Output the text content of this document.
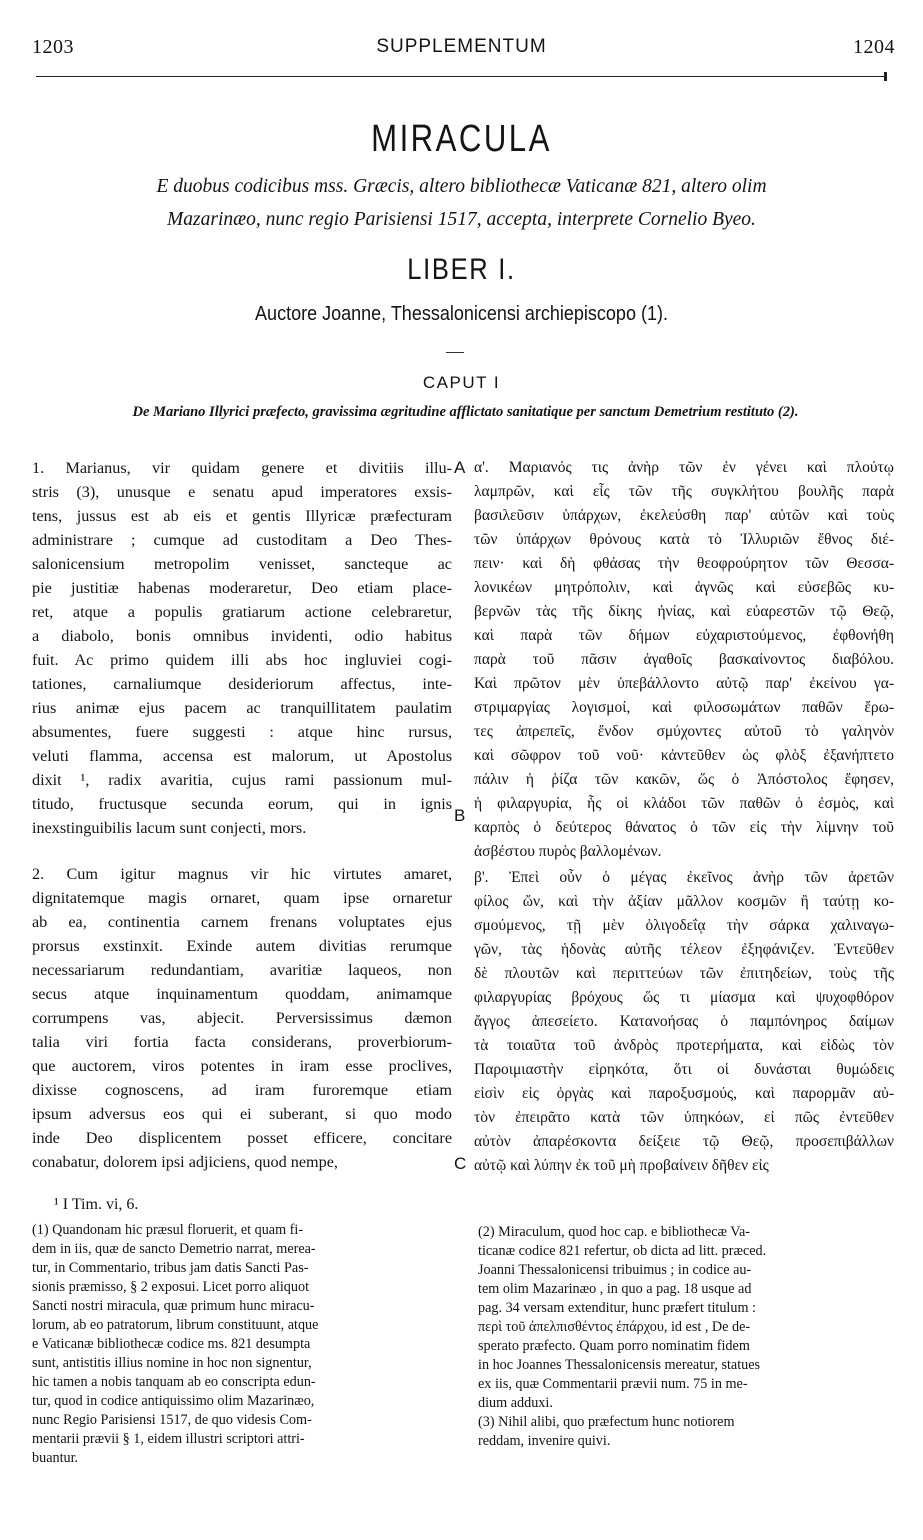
1203	SUPPLEMENTUM	1204
MIRACULA
E duobus codicibus mss. Græcis, altero bibliothecæ Vaticanæ 821, altero olim
Mazarinæo, nunc regio Parisiensi 1517, accepta, interprete Cornelio Byeo.
LIBER I.
Auctore Joanne, Thessalonicensi archiepiscopo (1).
CAPUT I
De Mariano Illyrici præfecto, gravissima ægritudine afflictato sanitatique per sanctum Demetrium restituto (2).
1. Marianus, vir quidam genere et divitiis illu-
stris (3), unusque e senatu apud imperatores exsis-
tens, jussus est ab eis et gentis Illyricæ præfecturam
administrare ; cumque ad custoditam a Deo Thes-
salonicensium metropolim venisset, sancteque ac
pie justitiæ habenas moderaretur, Deo etiam place-
ret, atque a populis gratiarum actione celebraretur,
a diabolo, bonis omnibus invidenti, odio habitus
fuit. Ac primo quidem illi abs hoc ingluviei cogi-
tationes, carnaliumque desideriorum affectus, inte-
rius animæ ejus pacem ac tranquillitatem paulatim
absumentes, fuere suggesti : atque hinc rursus,
veluti flamma, accensa est malorum, ut Apostolus
dixit ¹, radix avaritia, cujus rami passionum mul-
titudo, fructusque secunda eorum, qui in ignis
inexstinguibilis lacum sunt conjecti, mors.
2. Cum igitur magnus vir hic virtutes amaret,
dignitatemque magis ornaret, quam ipse ornaretur
ab ea, continentia carnem frenans voluptates ejus
prorsus exstinxit. Exinde autem divitias rerumque
necessariarum redundantiam, avaritiæ laqueos, non
secus atque inquinamentum quoddam, animamque
corrumpens vas, abjecit. Perversissimus dæmon
talia viri fortia facta considerans, proverbiorum-
que auctorem, viros potentes in iram esse proclives,
dixisse cognoscens, ad iram furoremque etiam
ipsum adversus eos qui ei suberant, si quo modo
inde Deo displicentem posset efficere, concitare
conabatur, dolorem ipsi adjiciens, quod nempe,
α'. Μαριανός τις ἀνὴρ τῶν ἐν γένει καὶ πλούτῳ
λαμπρῶν, καὶ εἷς τῶν τῆς συγκλήτου βουλῆς παρὰ
βασιλεῦσιν ὑπάρχων, ἐκελεύσθη παρ' αὐτῶν καὶ τοὺς
τῶν ὑπάρχων θρόνους κατὰ τὸ Ἰλλυριῶν ἔθνος διέ-
πειν· καὶ δὴ φθάσας τὴν θεοφρούρητον τῶν Θεσσα-
λονικέων μητρόπολιν, καὶ ἁγνῶς καὶ εὐσεβῶς κυ-
βερνῶν τὰς τῆς δίκης ἡνίας, καὶ εὐαρεστῶν τῷ Θεῷ,
καὶ παρὰ τῶν δήμων εὐχαριστούμενος, ἐφθονήθη
παρὰ τοῦ πᾶσιν ἀγαθοῖς βασκαίνοντος διαβόλου.
Καὶ πρῶτον μὲν ὑπεβάλλοντο αὐτῷ παρ' ἐκείνου γα-
στριμαργίας λογισμοί, καὶ φιλοσωμάτων παθῶν ἔρω-
τες ἀπρεπεῖς, ἔνδον σμύχοντες αὐτοῦ τὸ γαληνὸν
καὶ σῶφρον τοῦ νοῦ· κἀντεῦθεν ὡς φλὸξ ἐξανήπτετο
πάλιν ἡ ῥίζα τῶν κακῶν, ὥς ὁ Ἀπόστολος ἔφησεν,
ἡ φιλαργυρία, ἧς οἱ κλάδοι τῶν παθῶν ὁ ἐσμὸς, καὶ
καρπὸς ὁ δεύτερος θάνατος ὁ τῶν εἰς τὴν λίμνην τοῦ
ἀσβέστου πυρὸς βαλλομένων.
β'. Ἐπεὶ οὖν ὁ μέγας ἐκεῖνος ἀνὴρ τῶν ἀρετῶν
φίλος ὤν, καὶ τὴν ἀξίαν μᾶλλον κοσμῶν ἢ ταύτῃ κο-
σμούμενος, τῇ μὲν ὀλιγοδεΐᾳ τὴν σάρκα χαλιναγω-
γῶν, τὰς ἡδονὰς αὐτῆς τέλεον ἐξηφάνιζεν. Ἐντεῦθεν
δὲ πλουτῶν καὶ περιττεύων τῶν ἐπιτηδείων, τοὺς τῆς
φιλαργυρίας βρόχους ὥς τι μίασμα καὶ ψυχοφθόρον
ἄγγος ἀπεσείετο. Κατανοήσας ὁ παμπόνηρος δαίμων
τὰ τοιαῦτα τοῦ ἀνδρὸς προτερήματα, καὶ εἰδὼς τὸν
Παροιμιαστὴν εἰρηκότα, ὅτι οἱ δυνάσται θυμώδεις
εἰσὶν εἰς ὀργὰς καὶ παροξυσμούς, καὶ παρορμᾶν αὐ-
τὸν ἐπειρᾶτο κατὰ τῶν ὑπηκόων, εἰ πῶς ἐντεῦθεν
αὐτὸν ἀπαρέσκοντα δείξειε τῷ Θεῷ, προσεπιβάλλων
αὐτῷ καὶ λύπην ἐκ τοῦ μὴ προβαίνειν δῆθεν εἰς
A
B
C
¹ I Tim. vi, 6.
(1) Quandonam hic præsul floruerit, et quam fi-
dem in iis, quæ de sancto Demetrio narrat, merea-
tur, in Commentario, tribus jam datis Sancti Pas-
sionis præmisso, § 2 exposui. Licet porro aliquot
Sancti nostri miracula, quæ primum hunc miracu-
lorum, ab eo patratorum, librum constituunt, atque
e Vaticanæ bibliothecæ codice ms. 821 desumpta
sunt, antistitis illius nomine in hoc non signentur,
hic tamen a nobis tanquam ab eo conscripta edun-
tur, quod in codice antiquissimo olim Mazarinæo,
nunc Regio Parisiensi 1517, de quo videsis Com-
mentarii prævii § 1, eidem illustri scriptori attri-
buantur.
(2) Miraculum, quod hoc cap. e bibliothecæ Va-
ticanæ codice 821 refertur, ob dicta ad litt. præced.
Joanni Thessalonicensi tribuimus ; in codice au-
tem olim Mazarinæo , in quo a pag. 18 usque ad
pag. 34 versam extenditur, hunc præfert titulum :
περὶ τοῦ ἀπελπισθέντος ἐπάρχου, id est , De de-
sperato præfecto. Quam porro nominatim fidem
in hoc Joannes Thessalonicensis mereatur, statues
ex iis, quæ Commentarii prævii num. 75 in me-
dium adduxi.
(3) Nihil alibi, quo præfectum hunc notiorem
reddam, invenire quivi.
